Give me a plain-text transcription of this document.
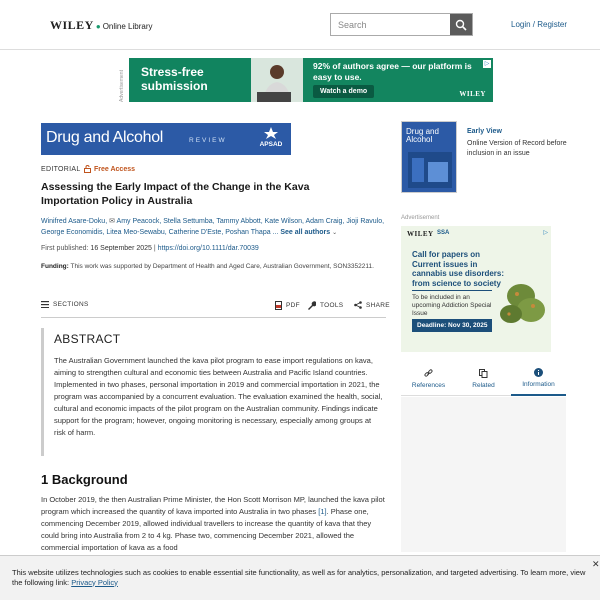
WILEY ● Online Library
Search	Login / Register
Advertisement Stress-free submission
92% of authors agree — our platform is easy to use.
Watch a demo	WILEY
▷
Drug and Alcohol	REVIEW
APSAD
EDITORIAL Free Access
Assessing the Early Impact of the Change in the Kava Importation Policy in Australia
Winifred Asare-Doku, ✉ Amy Peacock, Stella Settumba, Tammy Abbott, Kate Wilson, Adam Craig, Jioji Ravulo, George Economidis, Litea Meo-Sewabu, Catherine D'Este, Poshan Thapa ... See all authors ⌄
First published: 16 September 2025 | https://doi.org/10.1111/dar.70039
Funding: This work was supported by Department of Health and Aged Care, Australian Government, SON3352211.
SECTIONS	PDF	TOOLS	SHARE
ABSTRACT

The Australian Government launched the kava pilot program to ease import regulations on kava, aiming to strengthen cultural and economic ties between Australia and Pacific Island countries. Implemented in two phases, personal importation in 2019 and commercial importation in 2021, the program was accompanied by a concurrent evaluation. The evaluation examined the health, social, cultural and economic impacts of the pilot program on the Australian community. Findings indicate support for the program; however, ongoing monitoring is necessary, especially among groups at risk of harm.

1 Background
In October 2019, the then Australian Prime Minister, the Hon Scott Morrison MP, launched the kava pilot program which increased the quantity of kava imported into Australia in two phases [1]. Phase one, commencing December 2019, allowed individual travellers to increase the quantity of kava that they could bring into Australia from 2 to 4 kg. Phase two, commencing December 2021, allowed the commercial importation of kava as a food
Drug and Alcohol
Early View
Online Version of Record before inclusion in an issue
Advertisement
WILEY SSA	▷
Call for papers on Current issues in cannabis use disorders: from science to society
To be included in an upcoming Addiction Special Issue
Deadline: Nov 30, 2025
References	Related	Information

This website utilizes technologies such as cookies to enable essential site functionality, as well as for analytics, personalization, and targeted advertising. To learn more, view the following link: Privacy Policy

✕
